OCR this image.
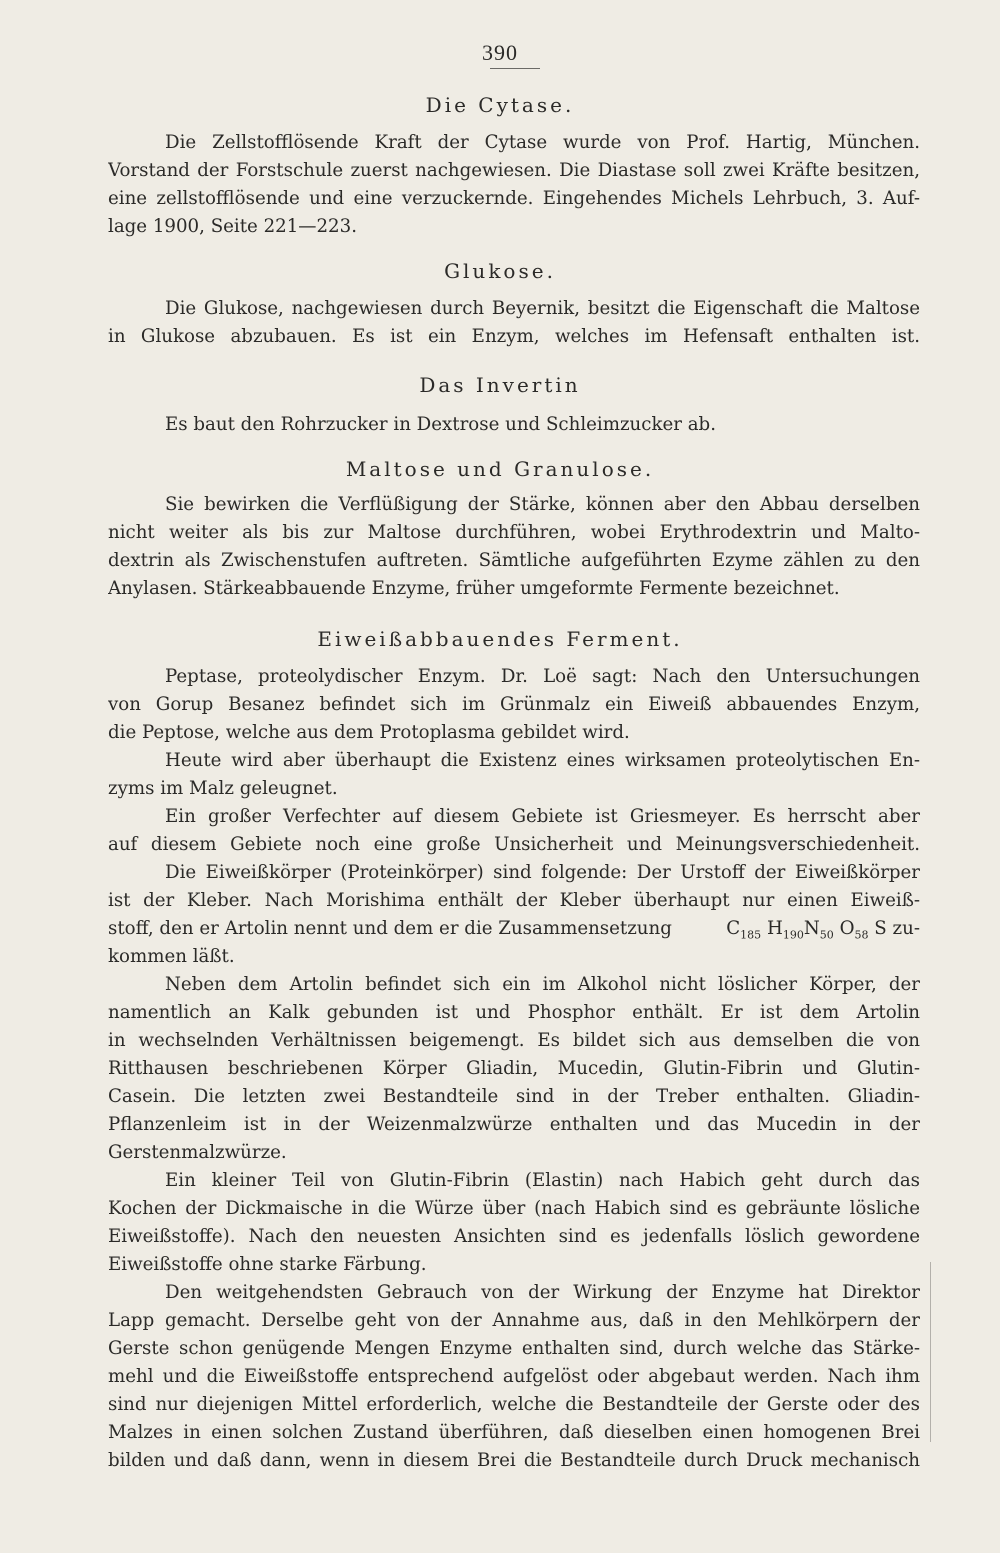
390
Die Cytase.
Die Zellstofflösende Kraft der Cytase wurde von Prof. Hartig, München.
Vorstand der Forstschule zuerst nachgewiesen. Die Diastase soll zwei Kräfte besitzen,
eine zellstofflösende und eine verzuckernde. Eingehendes Michels Lehrbuch, 3. Auf-
lage 1900, Seite 221—223.
Glukose.
Die Glukose, nachgewiesen durch Beyernik, besitzt die Eigenschaft die Maltose
in Glukose abzubauen. Es ist ein Enzym, welches im Hefensaft enthalten ist.
Das Invertin
Es baut den Rohrzucker in Dextrose und Schleimzucker ab.
Maltose und Granulose.
Sie bewirken die Verflüßigung der Stärke, können aber den Abbau derselben
nicht weiter als bis zur Maltose durchführen, wobei Erythrodextrin und Malto-
dextrin als Zwischenstufen auftreten. Sämtliche aufgeführten Ezyme zählen zu den
Anylasen. Stärkeabbauende Enzyme, früher umgeformte Fermente bezeichnet.
Eiweißabbauendes Ferment.
Peptase, proteolydischer Enzym. Dr. Loë sagt: Nach den Untersuchungen
von Gorup Besanez befindet sich im Grünmalz ein Eiweiß abbauendes Enzym,
die Peptose, welche aus dem Protoplasma gebildet wird.
Heute wird aber überhaupt die Existenz eines wirksamen proteolytischen En-
zyms im Malz geleugnet.
Ein großer Verfechter auf diesem Gebiete ist Griesmeyer. Es herrscht aber
auf diesem Gebiete noch eine große Unsicherheit und Meinungsverschiedenheit.
Die Eiweißkörper (Proteinkörper) sind folgende: Der Urstoff der Eiweißkörper
ist der Kleber. Nach Morishima enthält der Kleber überhaupt nur einen Eiweiß-
stoff, den er Artolin nennt und dem er die Zusammensetzung	$C_{185}$ $H_{190}N_{50}$ $O_{58}$ S zu-
kommen läßt.
Neben dem Artolin befindet sich ein im Alkohol nicht löslicher Körper, der
namentlich an Kalk gebunden ist und Phosphor enthält. Er ist dem Artolin
in wechselnden Verhältnissen beigemengt. Es bildet sich aus demselben die von
Ritthausen beschriebenen Körper Gliadin, Mucedin, Glutin-Fibrin und Glutin-
Casein. Die letzten zwei Bestandteile sind in der Treber enthalten. Gliadin-
Pflanzenleim ist in der Weizenmalzwürze enthalten und das Mucedin in der
Gerstenmalzwürze.
Ein kleiner Teil von Glutin-Fibrin (Elastin) nach Habich geht durch das
Kochen der Dickmaische in die Würze über (nach Habich sind es gebräunte lösliche
Eiweißstoffe). Nach den neuesten Ansichten sind es jedenfalls löslich gewordene
Eiweißstoffe ohne starke Färbung.
Den weitgehendsten Gebrauch von der Wirkung der Enzyme hat Direktor
Lapp gemacht. Derselbe geht von der Annahme aus, daß in den Mehlkörpern der
Gerste schon genügende Mengen Enzyme enthalten sind, durch welche das Stärke-
mehl und die Eiweißstoffe entsprechend aufgelöst oder abgebaut werden. Nach ihm
sind nur diejenigen Mittel erforderlich, welche die Bestandteile der Gerste oder des
Malzes in einen solchen Zustand überführen, daß dieselben einen homogenen Brei
bilden und daß dann, wenn in diesem Brei die Bestandteile durch Druck mechanisch
